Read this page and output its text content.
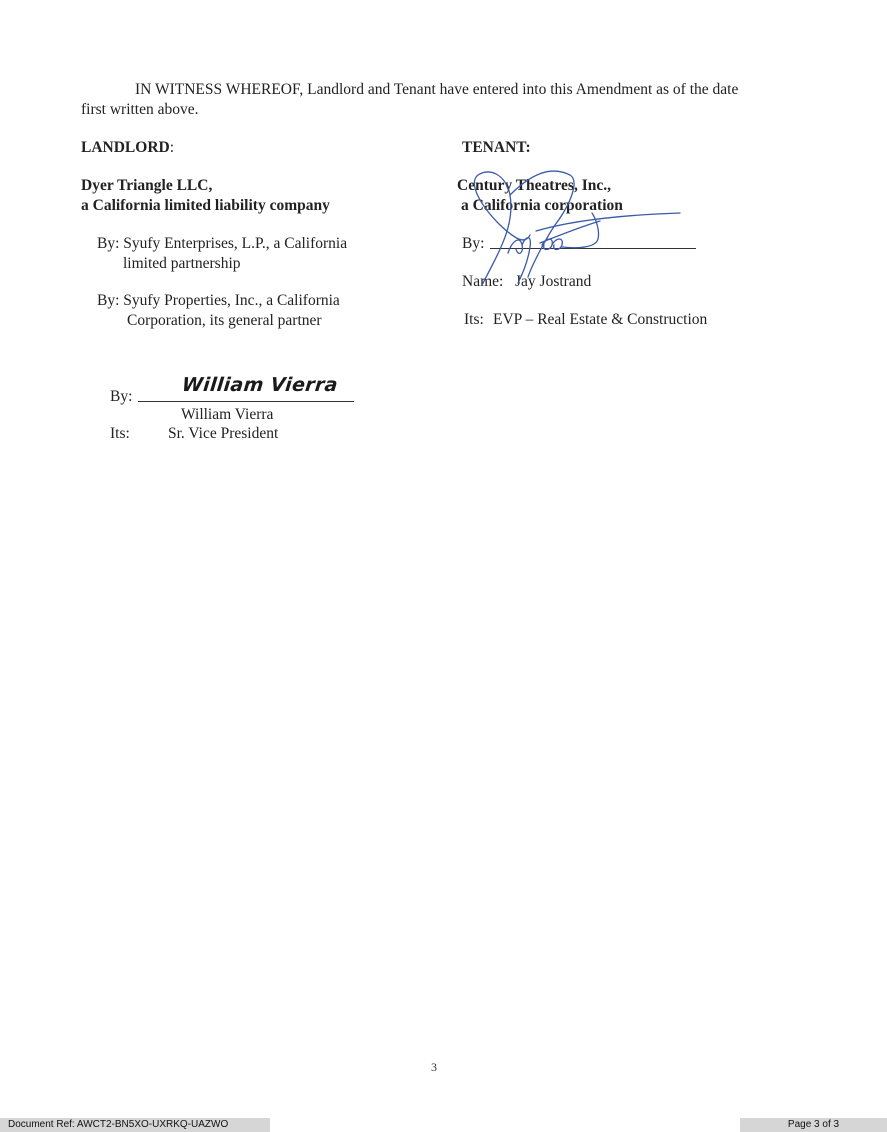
IN WITNESS WHEREOF, Landlord and Tenant have entered into this Amendment as of the date
first written above.
LANDLORD:
Dyer Triangle LLC,
a California limited liability company
By: Syufy Enterprises, L.P., a California
limited partnership
By: Syufy Properties, Inc., a California
Corporation, its general partner
By:
William Vierra
William Vierra
Its: Sr. Vice President
TENANT:
Century Theatres, Inc.,
a California corporation
By:
Name: Jay Jostrand
Its: EVP – Real Estate & Construction
3
Document Ref: AWCT2-BN5XO-UXRKQ-UAZWO	Page 3 of 3
